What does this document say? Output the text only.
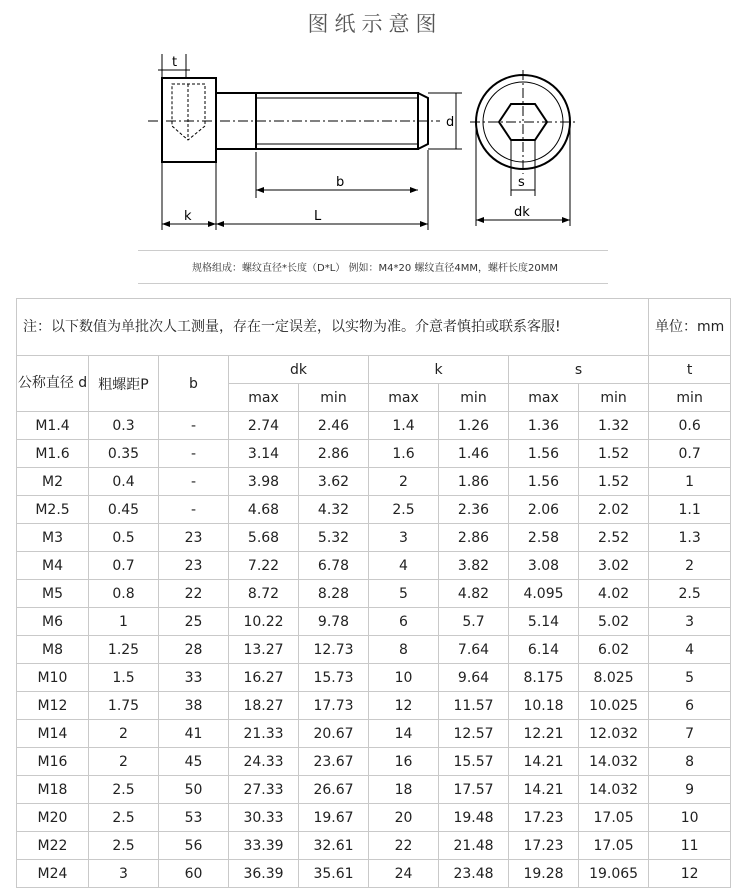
图纸示意图
t
d
b
k	L
s
dk
规格组成：螺纹直径*长度（D*L） 例如：M4*20 螺纹直径4MM，螺杆长度20MM
注：以下数值为单批次人工测量，存在一定误差，以实物为准。介意者慎拍或联系客服!									单位：mm
公称直径 d	粗螺距P	b	dk		k		s		t
			max	min	max	min	max	min	min
M1.4	0.3	-	2.74	2.46	1.4	1.26	1.36	1.32	0.6
M1.6	0.35	-	3.14	2.86	1.6	1.46	1.56	1.52	0.7
M2	0.4	-	3.98	3.62	2	1.86	1.56	1.52	1
M2.5	0.45	-	4.68	4.32	2.5	2.36	2.06	2.02	1.1
M3	0.5	23	5.68	5.32	3	2.86	2.58	2.52	1.3
M4	0.7	23	7.22	6.78	4	3.82	3.08	3.02	2
M5	0.8	22	8.72	8.28	5	4.82	4.095	4.02	2.5
M6	1	25	10.22	9.78	6	5.7	5.14	5.02	3
M8	1.25	28	13.27	12.73	8	7.64	6.14	6.02	4
M10	1.5	33	16.27	15.73	10	9.64	8.175	8.025	5
M12	1.75	38	18.27	17.73	12	11.57	10.18	10.025	6
M14	2	41	21.33	20.67	14	12.57	12.21	12.032	7
M16	2	45	24.33	23.67	16	15.57	14.21	14.032	8
M18	2.5	50	27.33	26.67	18	17.57	14.21	14.032	9
M20	2.5	53	30.33	19.67	20	19.48	17.23	17.05	10
M22	2.5	56	33.39	32.61	22	21.48	17.23	17.05	11
M24	3	60	36.39	35.61	24	23.48	19.28	19.065	12
